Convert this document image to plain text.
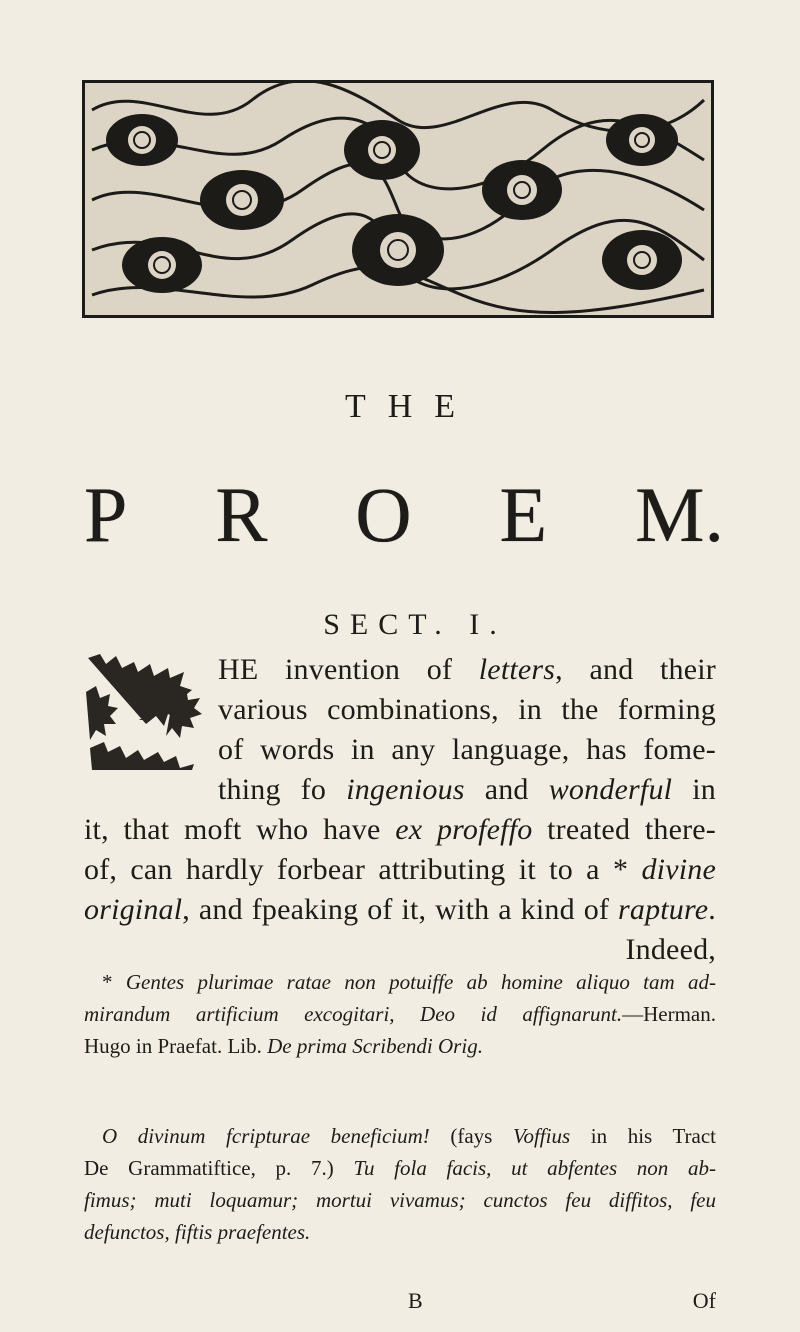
THE
P R O E M.
SECT. I.
T
HE invention of letters, and their
various combinations, in the forming
of words in any language, has fome-
thing fo ingenious and wonderful in
it, that moft who have ex profeffo treated there-
of, can hardly forbear attributing it to a * divine
original, and fpeaking of it, with a kind of rapture.
Indeed,
* Gentes plurimae ratae non potuiffe ab homine aliquo tam ad-
mirandum artificium excogitari, Deo id affignarunt.—Herman.
Hugo in Praefat. Lib. De prima Scribendi Orig.
O divinum fcripturae beneficium! (fays Voffius in his Tract
De Grammatiftice, p. 7.) Tu fola facis, ut abfentes non ab-
fimus; muti loquamur; mortui vivamus; cunctos feu diffitos, feu
defunctos, fiftis praefentes.
B	Of
